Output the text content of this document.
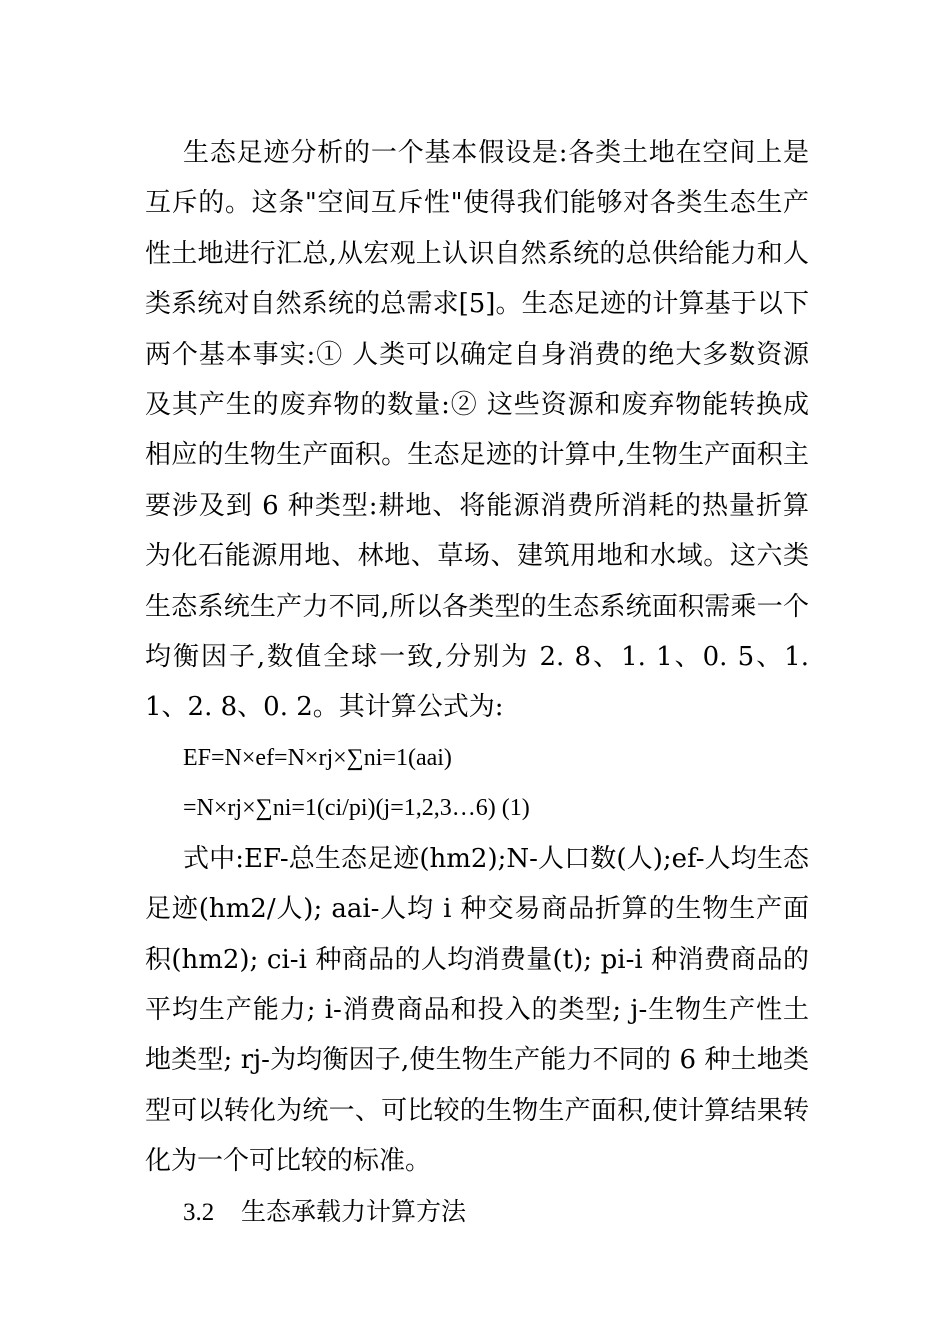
生态足迹分析的一个基本假设是:各类土地在空间上是互斥的。这条"空间互斥性"使得我们能够对各类生态生产性土地进行汇总,从宏观上认识自然系统的总供给能力和人类系统对自然系统的总需求[5]。生态足迹的计算基于以下两个基本事实:① 人类可以确定自身消费的绝大多数资源及其产生的废弃物的数量:② 这些资源和废弃物能转换成相应的生物生产面积。生态足迹的计算中,生物生产面积主要涉及到 6 种类型:耕地、将能源消费所消耗的热量折算为化石能源用地、林地、草场、建筑用地和水域。这六类生态系统生产力不同,所以各类型的生态系统面积需乘一个均衡因子,数值全球一致,分别为 2. 8、1. 1、0. 5、1. 1、2. 8、0. 2。其计算公式为:

EF=N×ef=N×rj×∑ni=1(aai)

=N×rj×∑ni=1(ci/pi)(j=1,2,3…6) (1)

式中:EF-总生态足迹(hm2);N-人口数(人);ef-人均生态足迹(hm2/人); aai-人均 i 种交易商品折算的生物生产面积(hm2); ci-i 种商品的人均消费量(t); pi-i 种消费商品的平均生产能力; i-消费商品和投入的类型; j-生物生产性土地类型; rj-为均衡因子,使生物生产能力不同的 6 种土地类型可以转化为统一、可比较的生物生产面积,使计算结果转化为一个可比较的标准。

3.2 生态承载力计算方法
